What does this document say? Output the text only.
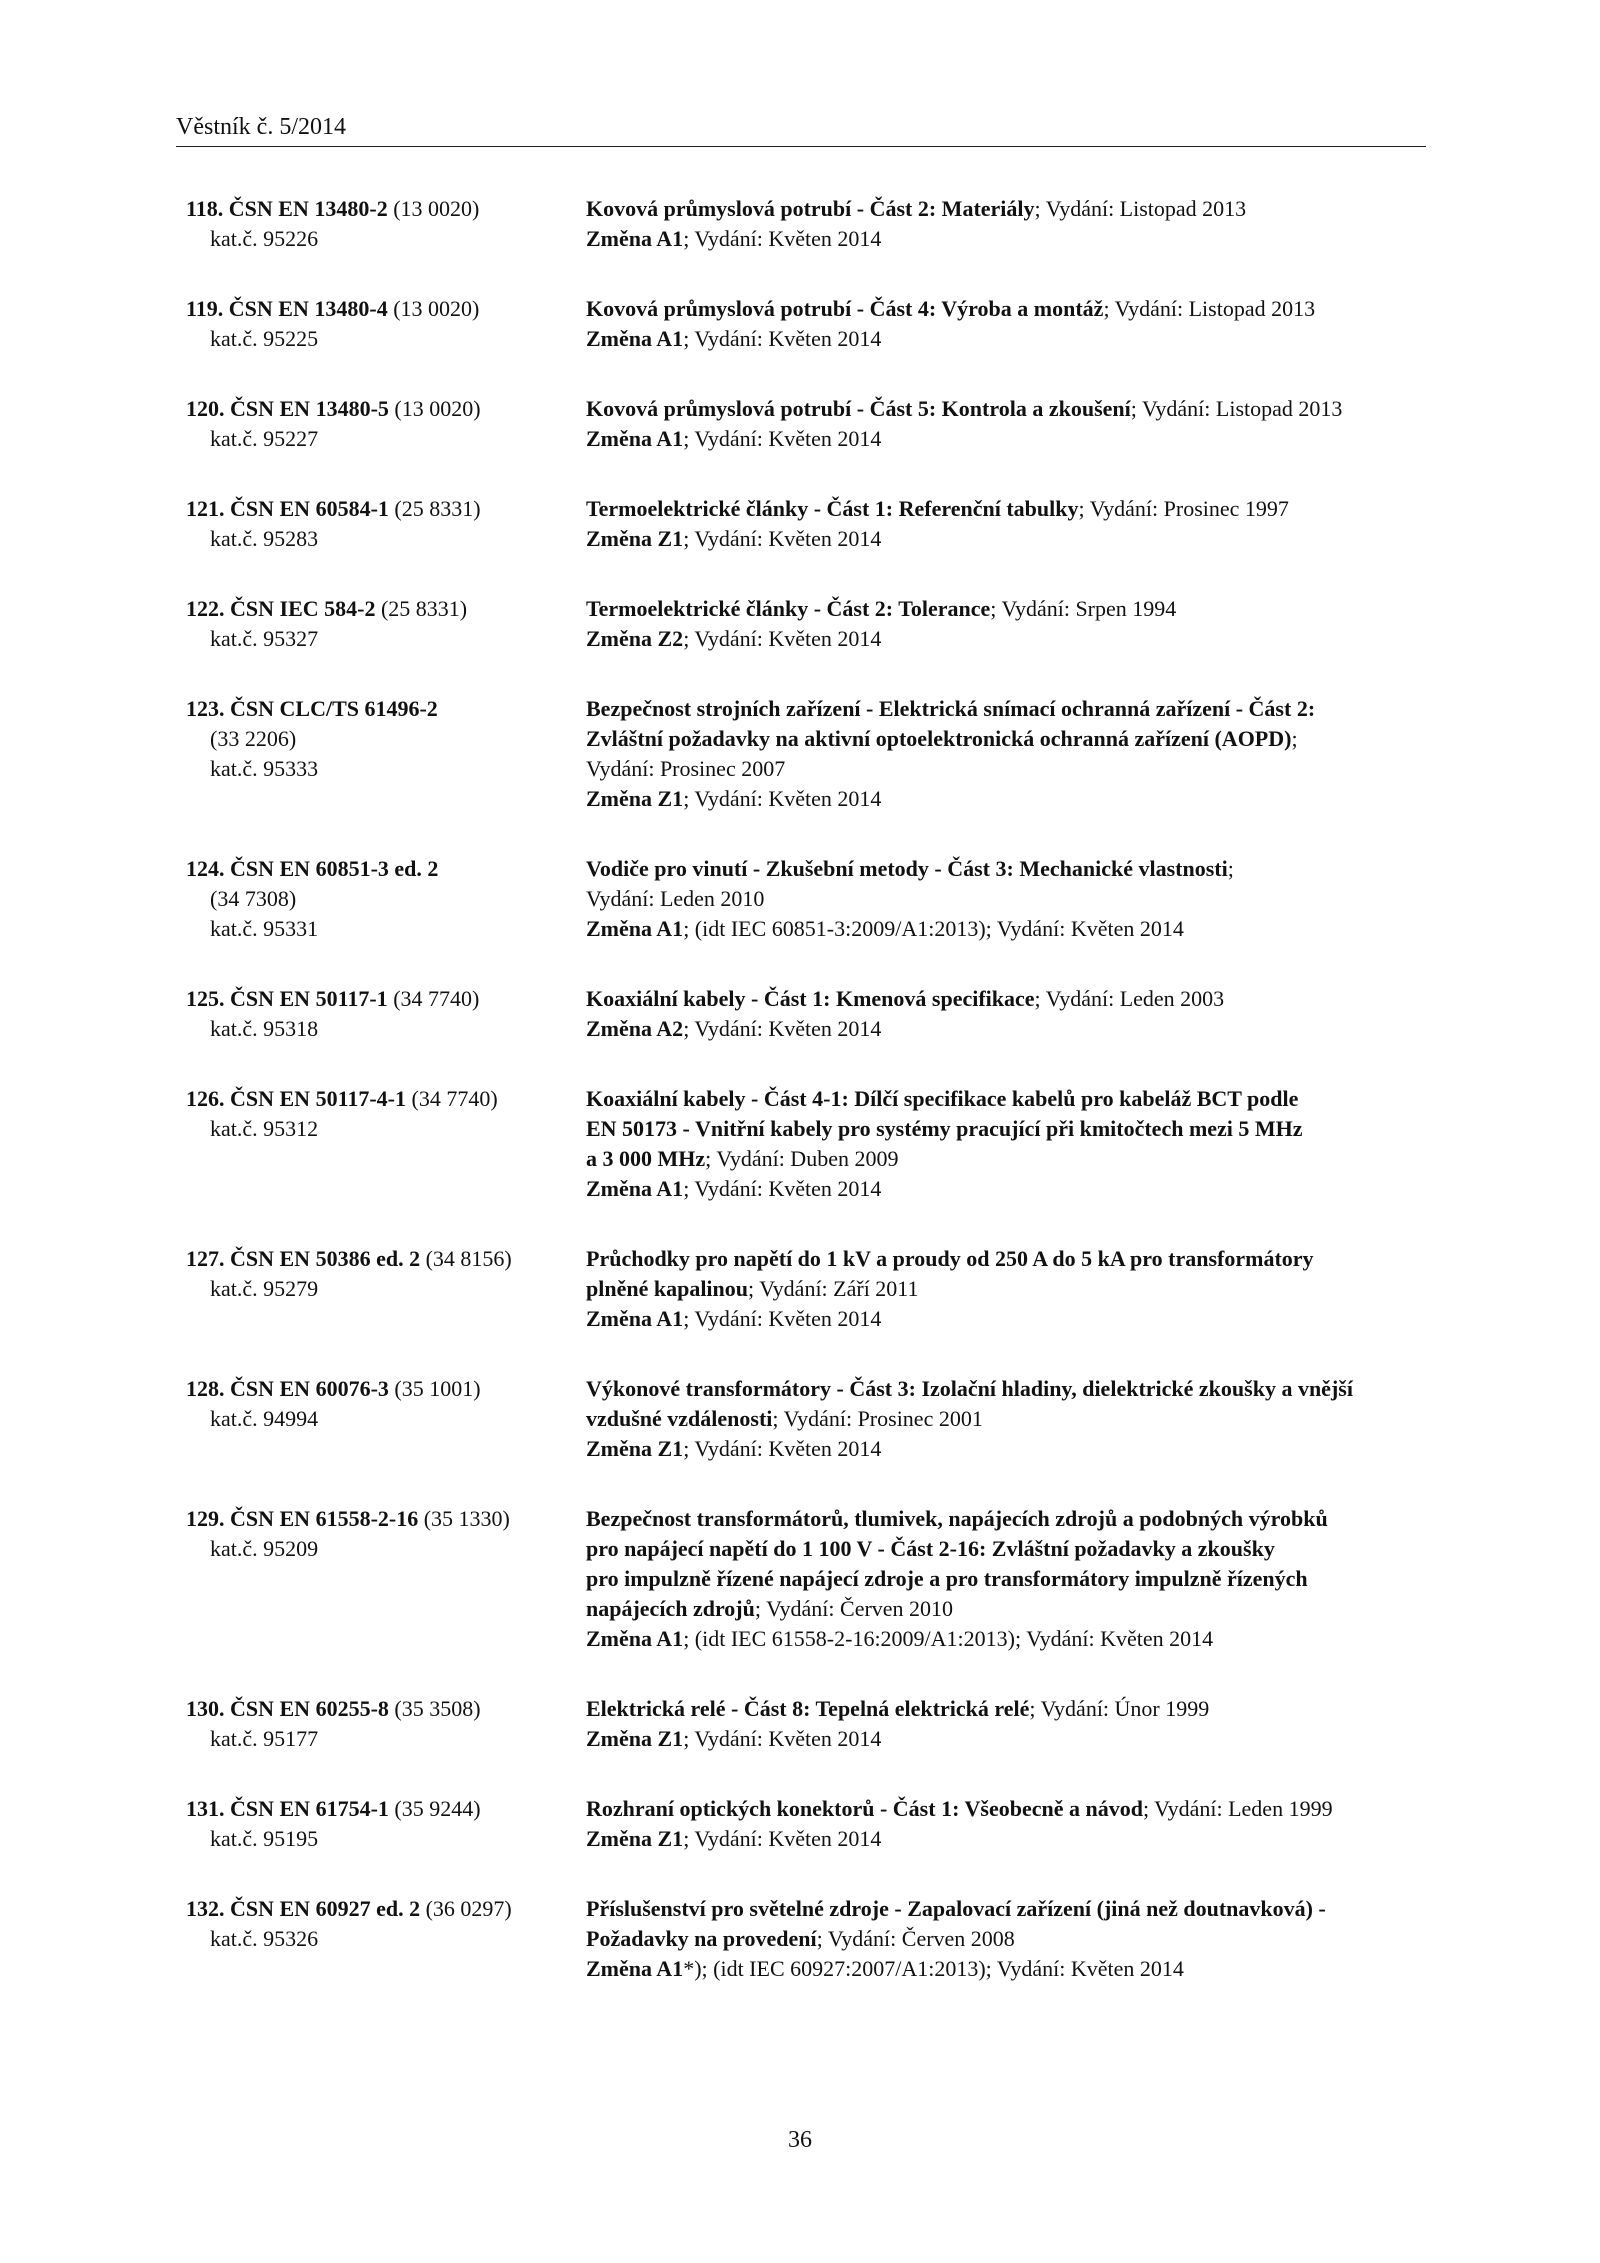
Věstník č. 5/2014
118. ČSN EN 13480-2 (13 0020)
kat.č. 95226
Kovová průmyslová potrubí - Část 2: Materiály; Vydání: Listopad 2013
Změna A1; Vydání: Květen 2014
119. ČSN EN 13480-4 (13 0020)
kat.č. 95225
Kovová průmyslová potrubí - Část 4: Výroba a montáž; Vydání: Listopad 2013
Změna A1; Vydání: Květen 2014
120. ČSN EN 13480-5 (13 0020)
kat.č. 95227
Kovová průmyslová potrubí - Část 5: Kontrola a zkoušení; Vydání: Listopad 2013
Změna A1; Vydání: Květen 2014
121. ČSN EN 60584-1 (25 8331)
kat.č. 95283
Termoelektrické články - Část 1: Referenční tabulky; Vydání: Prosinec 1997
Změna Z1; Vydání: Květen 2014
122. ČSN IEC 584-2 (25 8331)
kat.č. 95327
Termoelektrické články - Část 2: Tolerance; Vydání: Srpen 1994
Změna Z2; Vydání: Květen 2014
123. ČSN CLC/TS 61496-2
(33 2206)
kat.č. 95333
Bezpečnost strojních zařízení - Elektrická snímací ochranná zařízení - Část 2:
Zvláštní požadavky na aktivní optoelektronická ochranná zařízení (AOPD);
Vydání: Prosinec 2007
Změna Z1; Vydání: Květen 2014
124. ČSN EN 60851-3 ed. 2
(34 7308)
kat.č. 95331
Vodiče pro vinutí - Zkušební metody - Část 3: Mechanické vlastnosti;
Vydání: Leden 2010
Změna A1; (idt IEC 60851-3:2009/A1:2013); Vydání: Květen 2014
125. ČSN EN 50117-1 (34 7740)
kat.č. 95318
Koaxiální kabely - Část 1: Kmenová specifikace; Vydání: Leden 2003
Změna A2; Vydání: Květen 2014
126. ČSN EN 50117-4-1 (34 7740)
kat.č. 95312
Koaxiální kabely - Část 4-1: Dílčí specifikace kabelů pro kabeláž BCT podle
EN 50173 - Vnitřní kabely pro systémy pracující při kmitočtech mezi 5 MHz
a 3 000 MHz; Vydání: Duben 2009
Změna A1; Vydání: Květen 2014
127. ČSN EN 50386 ed. 2 (34 8156)
kat.č. 95279
Průchodky pro napětí do 1 kV a proudy od 250 A do 5 kA pro transformátory
plněné kapalinou; Vydání: Září 2011
Změna A1; Vydání: Květen 2014
128. ČSN EN 60076-3 (35 1001)
kat.č. 94994
Výkonové transformátory - Část 3: Izolační hladiny, dielektrické zkoušky a vnější
vzdušné vzdálenosti; Vydání: Prosinec 2001
Změna Z1; Vydání: Květen 2014
129. ČSN EN 61558-2-16 (35 1330)
kat.č. 95209
Bezpečnost transformátorů, tlumivek, napájecích zdrojů a podobných výrobků
pro napájecí napětí do 1 100 V - Část 2-16: Zvláštní požadavky a zkoušky
pro impulzně řízené napájecí zdroje a pro transformátory impulzně řízených
napájecích zdrojů; Vydání: Červen 2010
Změna A1; (idt IEC 61558-2-16:2009/A1:2013); Vydání: Květen 2014
130. ČSN EN 60255-8 (35 3508)
kat.č. 95177
Elektrická relé - Část 8: Tepelná elektrická relé; Vydání: Únor 1999
Změna Z1; Vydání: Květen 2014
131. ČSN EN 61754-1 (35 9244)
kat.č. 95195
Rozhraní optických konektorů - Část 1: Všeobecně a návod; Vydání: Leden 1999
Změna Z1; Vydání: Květen 2014
132. ČSN EN 60927 ed. 2 (36 0297)
kat.č. 95326
Příslušenství pro světelné zdroje - Zapalovací zařízení (jiná než doutnavková) -
Požadavky na provedení; Vydání: Červen 2008
Změna A1*); (idt IEC 60927:2007/A1:2013); Vydání: Květen 2014
36
